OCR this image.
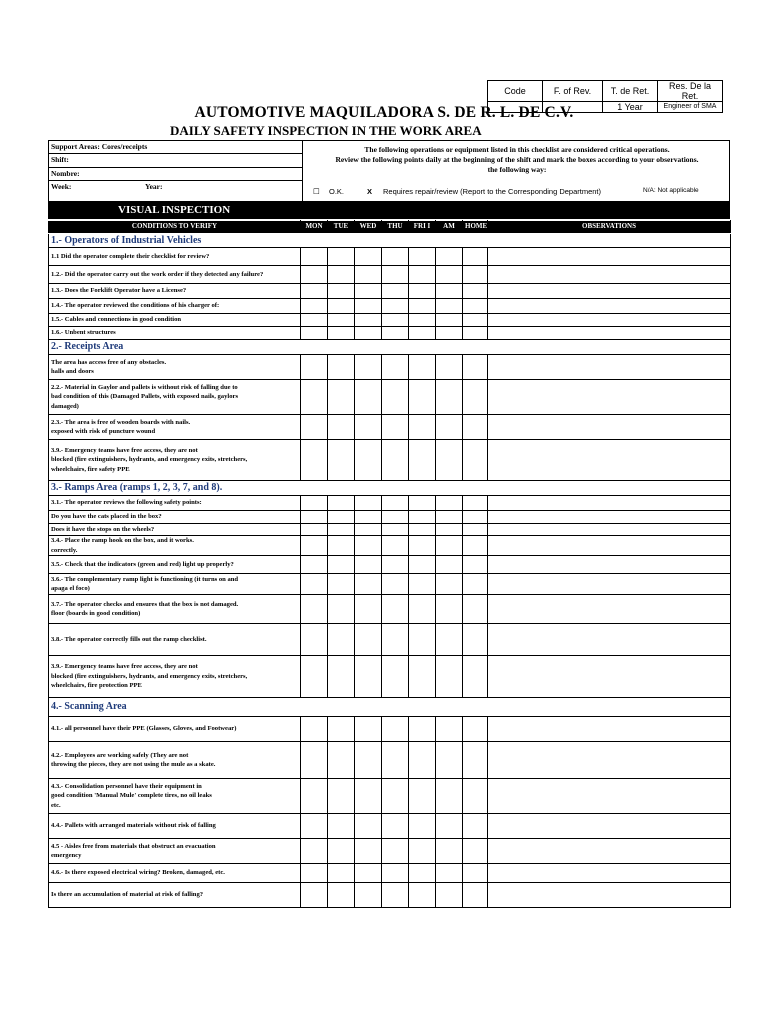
Code	F. of Rev.	T. de Ret.	Res. De la Ret.
		1 Year	Engineer of SMA
AUTOMOTIVE MAQUILADORA S. DE R. L. DE C.V.
DAILY SAFETY INSPECTION IN THE WORK AREA
Support Areas: Cores/receipts
Shift:
Nombre:
Week:	Year:
The following operations or equipment listed in this checklist are considered critical operations.
Review the following points daily at the beginning of the shift and mark the boxes according to your observations.
the following way:
☐ O.K.	X Requires repair/review (Report to the Corresponding Department)	N/A: Not applicable
VISUAL INSPECTION
CONDITIONS TO VERIFY	MON	TUE	WED	THU	FRI I	AM	HOME	OBSERVATIONS
1.- Operators of Industrial Vehicles								
1.1 Did the operator complete their checklist for review?								
1.2.- Did the operator carry out the work order if they detected any failure?								
1.3.- Does the Forklift Operator have a License?								
1.4.- The operator reviewed the conditions of his charger of:								
1.5.- Cables and connections in good condition								
1.6.- Unbent structures								
2.- Receipts Area								
The area has access free of any obstacles.
halls and doors								
2.2.- Material in Gaylor and pallets is without risk of falling due to
bad condition of this (Damaged Pallets, with exposed nails, gaylors
damaged)								
2.3.- The area is free of wooden boards with nails.
exposed with risk of puncture wound								
3.9.- Emergency teams have free access, they are not
blocked (fire extinguishers, hydrants, and emergency exits, stretchers,
wheelchairs, fire safety PPE								
3.- Ramps Area (ramps 1, 2, 3, 7, and 8).								
3.1.- The operator reviews the following safety points:								
Do you have the cats placed in the box?								
Does it have the stops on the wheels?								
3.4.- Place the ramp hook on the box, and it works.
correctly.								
3.5.- Check that the indicators (green and red) light up properly?								
3.6.- The complementary ramp light is functioning (it turns on and
apaga el foco)								
3.7.- The operator checks and ensures that the box is not damaged.
floor (boards in good condition)								
3.8.- The operator correctly fills out the ramp checklist.								
3.9.- Emergency teams have free access, they are not
blocked (fire extinguishers, hydrants, and emergency exits, stretchers,
wheelchairs, fire protection PPE								
4.- Scanning Area								
4.1.- all personnel have their PPE (Glasses, Gloves, and Footwear)								
4.2.- Employees are working safely (They are not
throwing the pieces, they are not using the mule as a skate.								
4.3.- Consolidation personnel have their equipment in
good condition 'Manual Mule' complete tires, no oil leaks
etc.								
4.4.- Pallets with arranged materials without risk of falling								
4.5 - Aisles free from materials that obstruct an evacuation
emergency								
4.6.- Is there exposed electrical wiring? Broken, damaged, etc.								
Is there an accumulation of material at risk of falling?								
